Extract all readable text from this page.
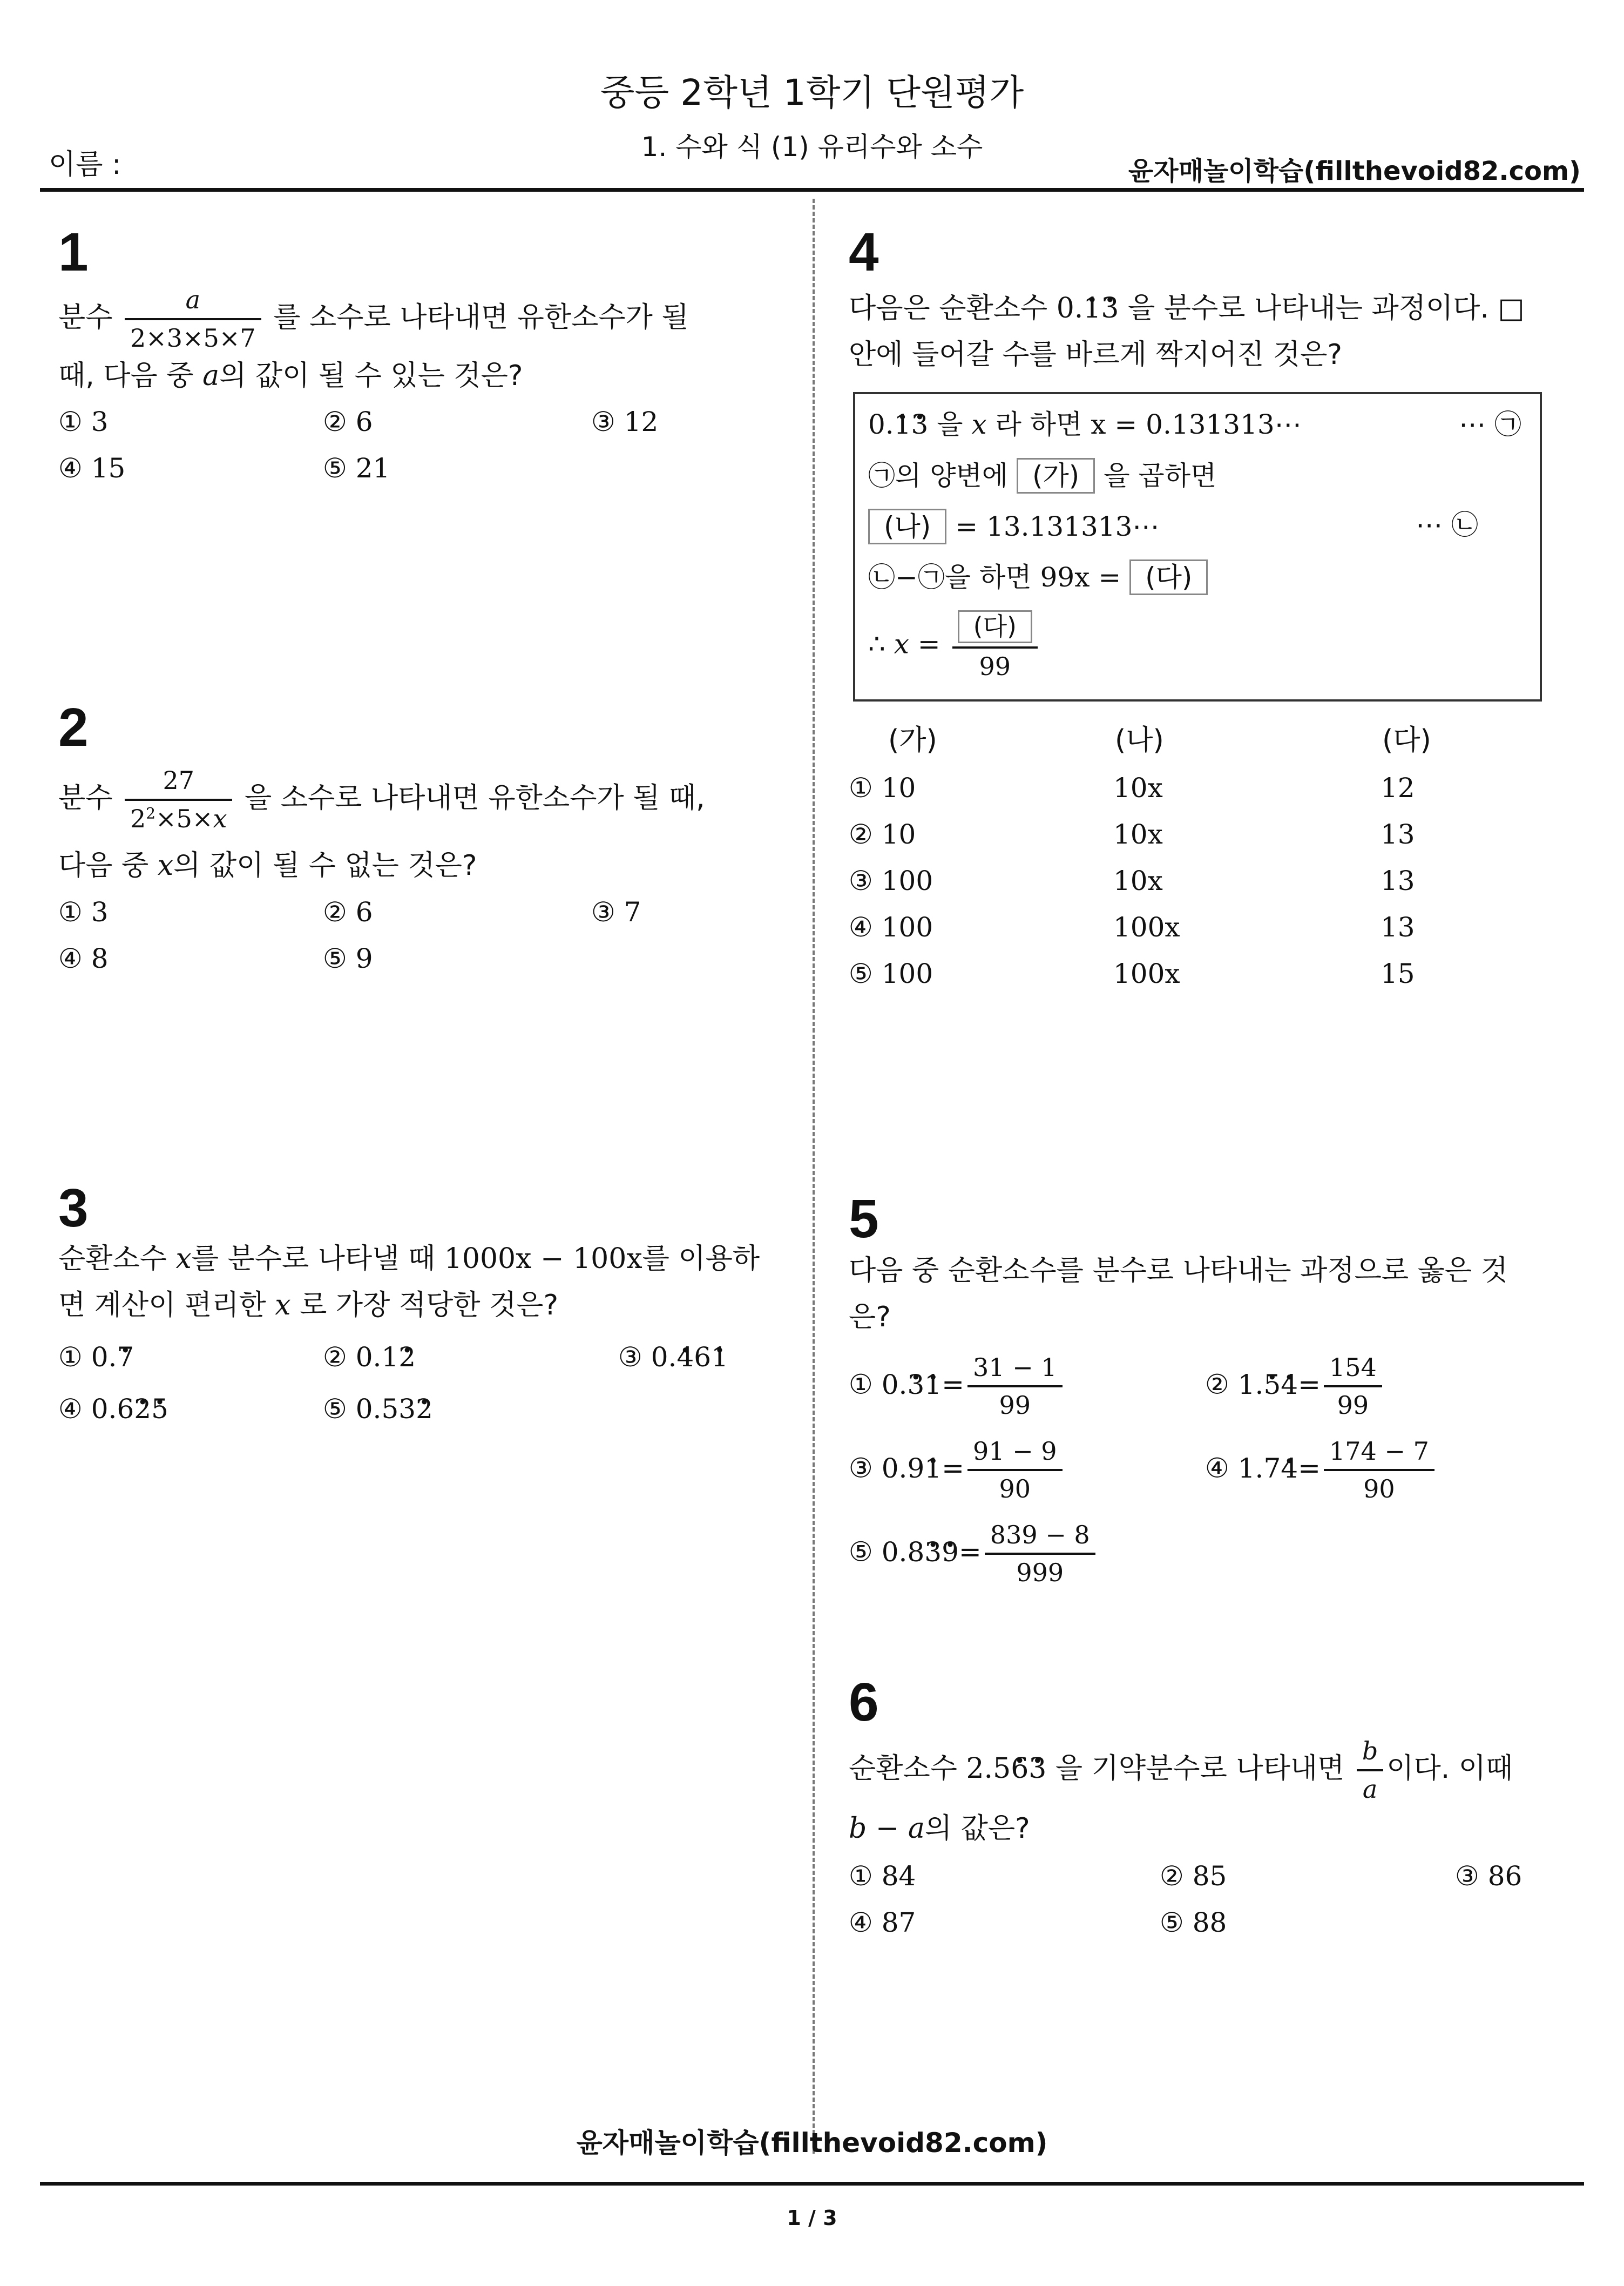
중등 2학년 1학기 단원평가
1. 수와 식 (1) 유리수와 소수
이름 :	윤자매놀이학습(fillthevoid82.com)
1
분수 $\frac{a}{2\times 3\times 5\times 7}$ 를 소수로 나타내면 유한소수가 될
때, 다음 중 a의 값이 될 수 있는 것은?
① 3	② 6	③ 12
④ 15	⑤ 21
2
분수 $\frac{27}{2^2\times 5\times x}$ 을 소수로 나타내면 유한소수가 될 때,
다음 중 x의 값이 될 수 없는 것은?
① 3	② 6	③ 7
④ 8	⑤ 9
3
순환소수 x를 분수로 나타낼 때 1000x − 100x를 이용하
면 계산이 편리한 x 로 가장 적당한 것은?
① 0.. 7	② 0.1. 2	③ 0.. 46. 1
④ 0.6. 2. 5	⑤ 0.53. 2
4
다음은 순환소수 0.. 1. 3 을 분수로 나타내는 과정이다. □
안에 들어갈 수를 바르게 짝지어진 것은?
0.. 1. 3 을 x 라 하면 x = 0.131313⋯	⋯ ㉠
㉠의 양변에 (가) 을 곱하면
(나) = 13.131313⋯	⋯ ㉡
㉡−㉠을 하면 99x = (다)
∴ $x = \frac{\text{(다)}}{99}$
(가)	(나)	(다)
① 10	10x	12
② 10	10x	13
③ 100	10x	13
④ 100	100x	13
⑤ 100	100x	15
5
다음 중 순환소수를 분수로 나타내는 과정으로 옳은 것
은?
① 0.. 3. $1= \frac{31 - 1}{99}$	② 1.. 5. $4= \frac{154}{99}$
③ 0.9. $1= \frac{91 - 9}{90}$	④ 1.7. $4= \frac{174 - 7}{90}$
⑤ 0.8. 3. $9= \frac{839 - 8}{999}$
6
순환소수 2.5. 6. 3 을 기약분수로 나타내면 $\frac{b}{a}$ 이다. 이때
b − a의 값은?
① 84	② 85	③ 86
④ 87	⑤ 88
윤자매놀이학습(fillthevoid82.com)
1 / 3
